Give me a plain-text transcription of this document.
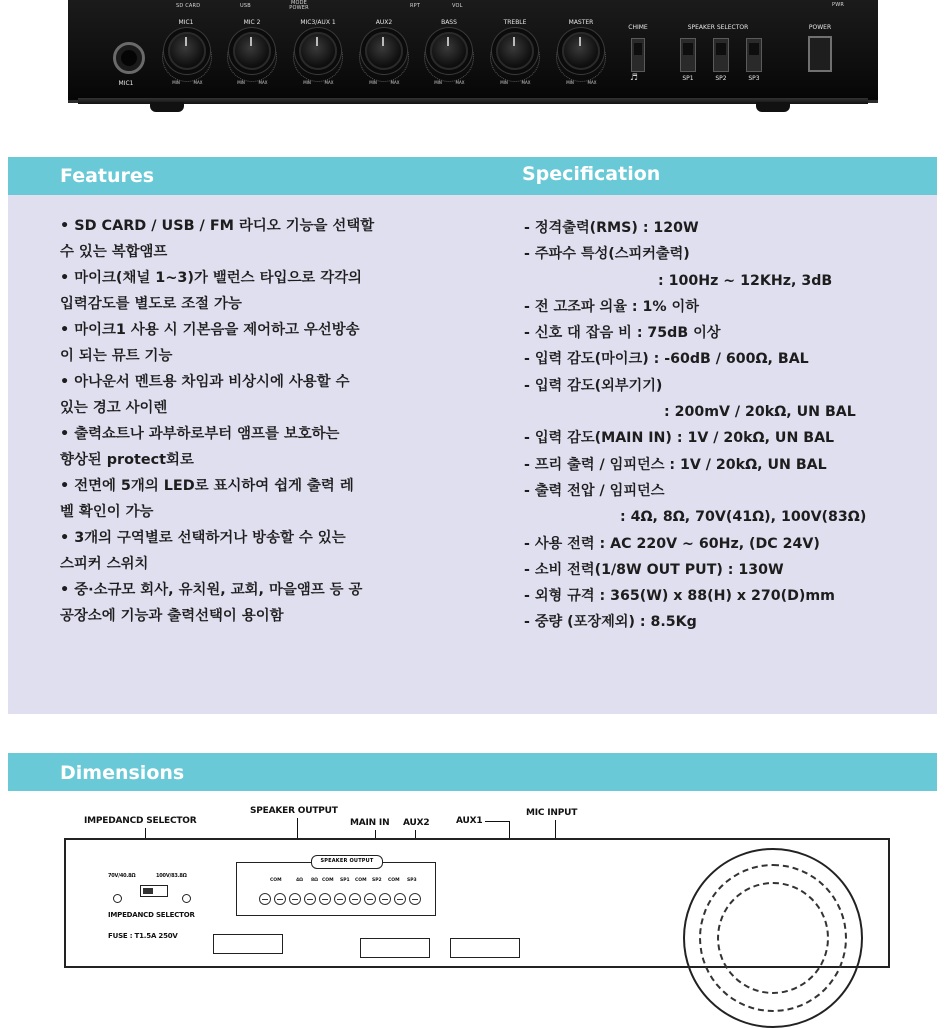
SD CARD	USB	MODE POWER	RPT	VOL	PWR
MIC1
MIC1
MIN	MAX
MIC 2
MIN	MAX
MIC3/AUX 1
MIN	MAX
AUX2
MIN	MAX
BASS
MIN	MAX
TREBLE
MIN	MAX
MASTER
MIN	MAX
CHIME
♬
SPEAKER SELECTOR
SP1	SP2	SP3
POWER
Features	Specification
• SD CARD / USB / FM 라디오 기능을 선택할
수 있는 복합앰프
• 마이크(채널 1~3)가 밸런스 타입으로 각각의
입력감도를 별도로 조절 가능
• 마이크1 사용 시 기본음을 제어하고 우선방송
이 되는 뮤트 기능
• 아나운서 멘트용 차임과 비상시에 사용할 수
있는 경고 사이렌
• 출력쇼트나 과부하로부터 앰프를 보호하는
향상된 protect회로
• 전면에 5개의 LED로 표시하여 쉽게 출력 레
벨 확인이 가능
• 3개의 구역별로 선택하거나 방송할 수 있는
스피커 스위치
• 중·소규모 회사, 유치원, 교회, 마을앰프 등 공
공장소에 기능과 출력선택이 용이함
- 정격출력(RMS) : 120W
- 주파수 특성(스피커출력)
: 100Hz ~ 12KHz, 3dB
- 전 고조파 의율 : 1% 이하
- 신호 대 잡음 비 : 75dB 이상
- 입력 감도(마이크) : -60dB / 600Ω, BAL
- 입력 감도(외부기기)
: 200mV / 20kΩ, UN BAL
- 입력 감도(MAIN IN) : 1V / 20kΩ, UN BAL
- 프리 출력 / 임피던스 : 1V / 20kΩ, UN BAL
- 출력 전압 / 임피던스
: 4Ω, 8Ω, 70V(41Ω), 100V(83Ω)
- 사용 전력 : AC 220V ~ 60Hz, (DC 24V)
- 소비 전력(1/8W OUT PUT) : 130W
- 외형 규격 : 365(W) x 88(H) x 270(D)mm
- 중량 (포장제외) : 8.5Kg
Dimensions
IMPEDANCD SELECTOR
SPEAKER OUTPUT
MAIN IN AUX2	AUX1
MIC INPUT
70V/40.8Ω	100V/83.8Ω
IMPEDANCD SELECTOR
FUSE : T1.5A 250V
SPEAKER OUTPUT
COM	4Ω 8Ω COM SP1 COM SP2 COM SP3
